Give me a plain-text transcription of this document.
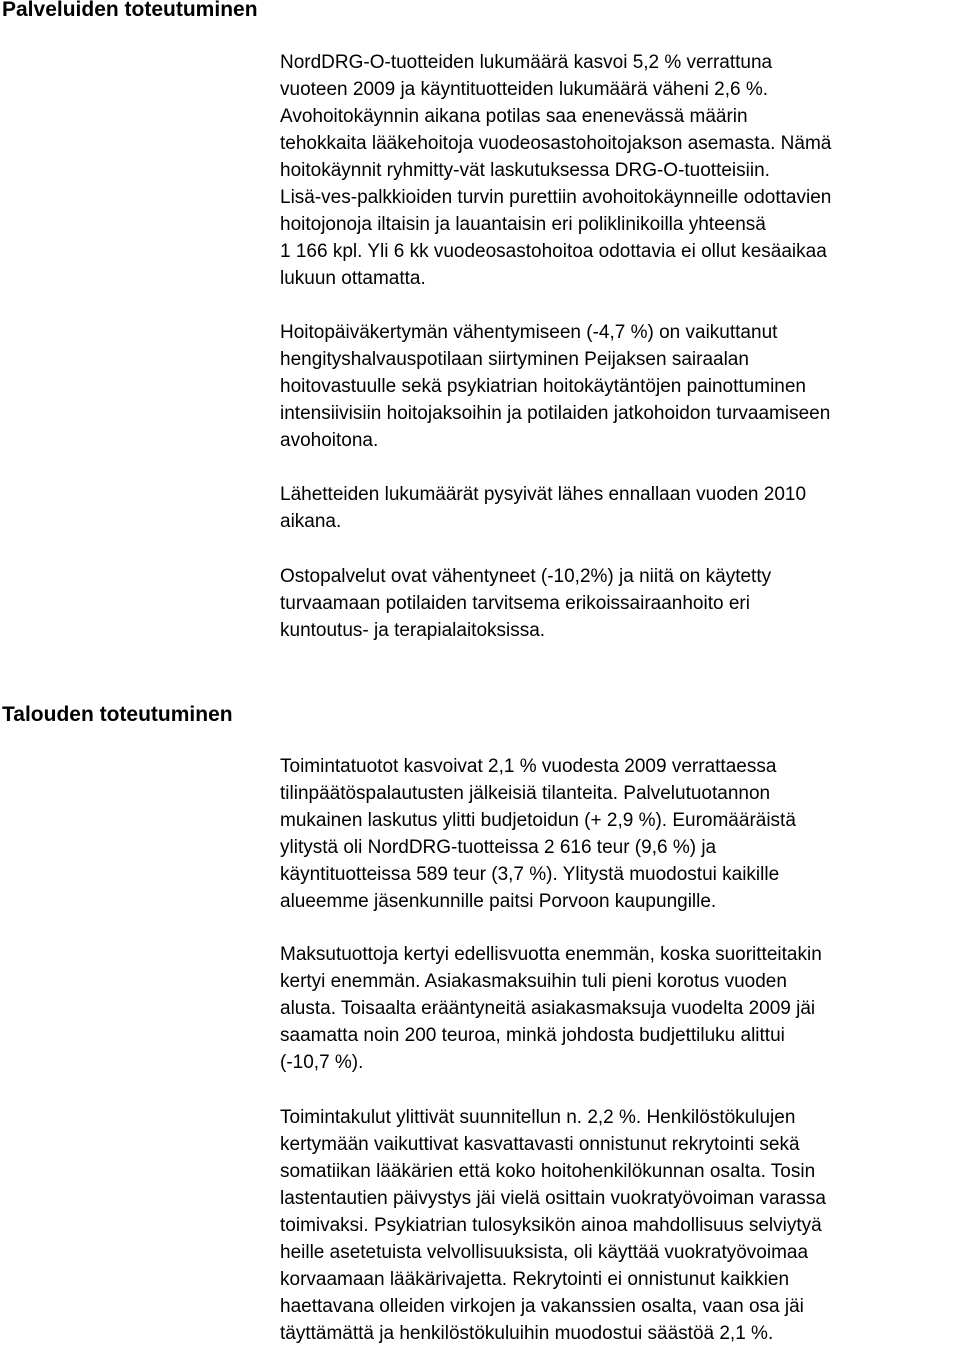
Palveluiden toteutuminen
NordDRG-O-tuotteiden lukumäärä kasvoi 5,2 % verrattuna
vuoteen 2009 ja käyntituotteiden lukumäärä väheni 2,6 %.
Avohoitokäynnin aikana potilas saa enenevässä määrin
tehokkaita lääkehoitoja vuodeosastohoitojakson asemasta. Nämä
hoitokäynnit ryhmitty-vät laskutuksessa DRG-O-tuotteisiin.
Lisä-ves-palkkioiden turvin purettiin avohoitokäynneille odottavien
hoitojonoja iltaisin ja lauantaisin eri poliklinikoilla yhteensä
1 166 kpl. Yli 6 kk vuodeosastohoitoa odottavia ei ollut kesäaikaa
lukuun ottamatta.
Hoitopäiväkertymän vähentymiseen (-4,7 %) on vaikuttanut
hengityshalvauspotilaan siirtyminen Peijaksen sairaalan
hoitovastuulle sekä psykiatrian hoitokäytäntöjen painottuminen
intensiivisiin hoitojaksoihin ja potilaiden jatkohoidon turvaamiseen
avohoitona.
Lähetteiden lukumäärät pysyivät lähes ennallaan vuoden 2010
aikana.
Ostopalvelut ovat vähentyneet (-10,2%) ja niitä on käytetty
turvaamaan potilaiden tarvitsema erikoissairaanhoito eri
kuntoutus- ja terapialaitoksissa.
Talouden toteutuminen
Toimintatuotot kasvoivat 2,1 % vuodesta 2009 verrattaessa
tilinpäätöspalautusten jälkeisiä tilanteita. Palvelutuotannon
mukainen laskutus ylitti budjetoidun (+ 2,9 %). Euromääräistä
ylitystä oli NordDRG-tuotteissa 2 616 teur (9,6 %) ja
käyntituotteissa 589 teur (3,7 %). Ylitystä muodostui kaikille
alueemme jäsenkunnille paitsi Porvoon kaupungille.
Maksutuottoja kertyi edellisvuotta enemmän, koska suoritteitakin
kertyi enemmän. Asiakasmaksuihin tuli pieni korotus vuoden
alusta. Toisaalta erääntyneitä asiakasmaksuja vuodelta 2009 jäi
saamatta noin 200 teuroa, minkä johdosta budjettiluku alittui
(-10,7 %).
Toimintakulut ylittivät suunnitellun n. 2,2 %. Henkilöstökulujen
kertymään vaikuttivat kasvattavasti onnistunut rekrytointi sekä
somatiikan lääkärien että koko hoitohenkilökunnan osalta. Tosin
lastentautien päivystys jäi vielä osittain vuokratyövoiman varassa
toimivaksi. Psykiatrian tulosyksikön ainoa mahdollisuus selviytyä
heille asetetuista velvollisuuksista, oli käyttää vuokratyövoimaa
korvaamaan lääkärivajetta. Rekrytointi ei onnistunut kaikkien
haettavana olleiden virkojen ja vakanssien osalta, vaan osa jäi
täyttämättä ja henkilöstökuluihin muodostui säästöä 2,1 %.
